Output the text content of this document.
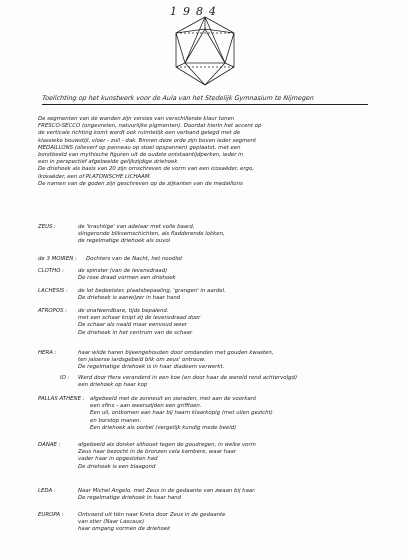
1984
Toelichting op het kunstwerk voor de Aula van het Stedelijk Gymnasium te Nijmegen
De segmenten van de wanden zijn versies van verschillende klaur tonen
FRESCO-SECCO (ongevreten, natuurlijke pigmenten). Doordat hierin het accent op
de verticale richting komt wordt ook ruimtelijk een verband gelegd met de
klassieke bouwstijl, vloer - zuil - dak. Binnen deze orde zijn boven ieder segment
MEDAILLONS (olieverf op panneau op stoel opspannen) geplaatst, met een
borstbeeld van mythische figuren uit de oudste ontstaantijdperken, ieder in
een in perspectief afgebeelde gelijkzijdige driehoek
De driehoek als basis van 20 zijn omschreven de vorm van een icosaëder, ergo,
ikosaëder, een of PLATONISCHE LICHAAM.
De namen van de goden zijn geschreven op de zijkanten van de medaillons
ZEUS :	de 'krachtige' van adelaar met volle baard,
slingeronde bliksemschichten, als fladderende lokken,
de regelmatige driehoek als ouvol
de 3 MOIREN : Dochters van de Nacht, het noodlot
CLOTHO :	de spinster (van de levensdraad)
De rose draad vormen een driehoek
LACHESIS : de lot bedeelster, plaatsbepaaling, 'grangen' in aardel.
De driehoek is aanwijzer in haar hand
ATROPOS : de onafwendbare, tijds bepalend.
met een schaar knipt zij de levensdraad door
De schaar als naald maar eenvoud weer
De driehoek in het centrum van de schaar
HERA :	haar wilde haren bijeengehouden door omdanden met gouden kwasten,
ten jaloerse iardsgebeid bilk om zeus' ontrouw.
De regelmatige driehoek is in haar diadeem verwerkt.
IO : Werd door Hera veranderd in een koe (en door haar de wereld rond achtervolgd)
een driehoek op haar kop
PALLAS ATHENE : afgebeeld met de zonneuit en sieraden, met aan de voorkant
een sfinx - aan weerszijden een griffioen.
Een uil, ontkomen aan haar bij haarn klaarkopig (met uilen gezicht)
en borstop manen.
Een driehoek als oorbel (vergelijk kundig mede beeld)
DANAE :	afgebeeld als donker silhouet tegen de goudregen, in welke vorm
Zeus haar bezocht in de bronzen cela kambere, waar haar
vader haar in opgesloten had
De driehoek is een blaagond
LEDA :	Naar Michel Angelo. met Zeus in de gedaante van zwaan bij haar.
De regelmatige driehoek in haar hand
EUROPA :	Ontvoerd uit tiën naar Kreta door Zeus in de gedaante
van stier (Naar Lascaux)
haar omgang vormen de driehoek
